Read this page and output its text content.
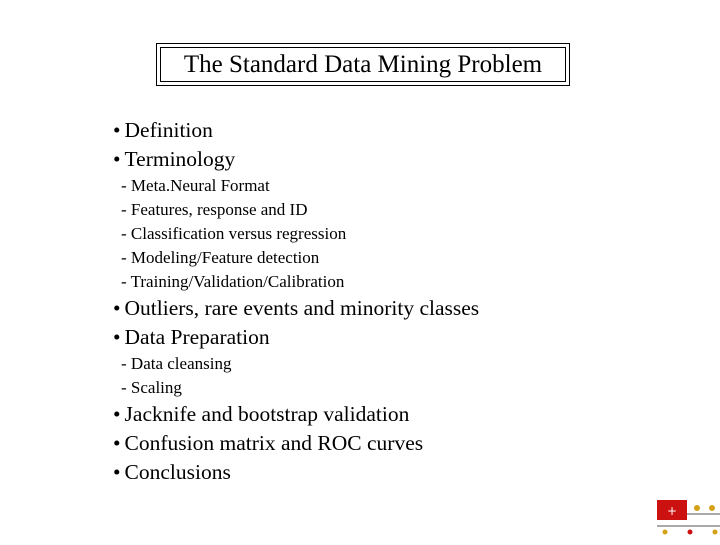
The Standard Data Mining Problem
• Definition
• Terminology
- Meta.Neural Format
- Features, response and ID
- Classification versus regression
- Modeling/Feature detection
- Training/Validation/Calibration
• Outliers, rare events and minority classes
• Data Preparation
- Data cleansing
- Scaling
• Jacknife and bootstrap validation
• Confusion matrix and ROC curves
• Conclusions
+
